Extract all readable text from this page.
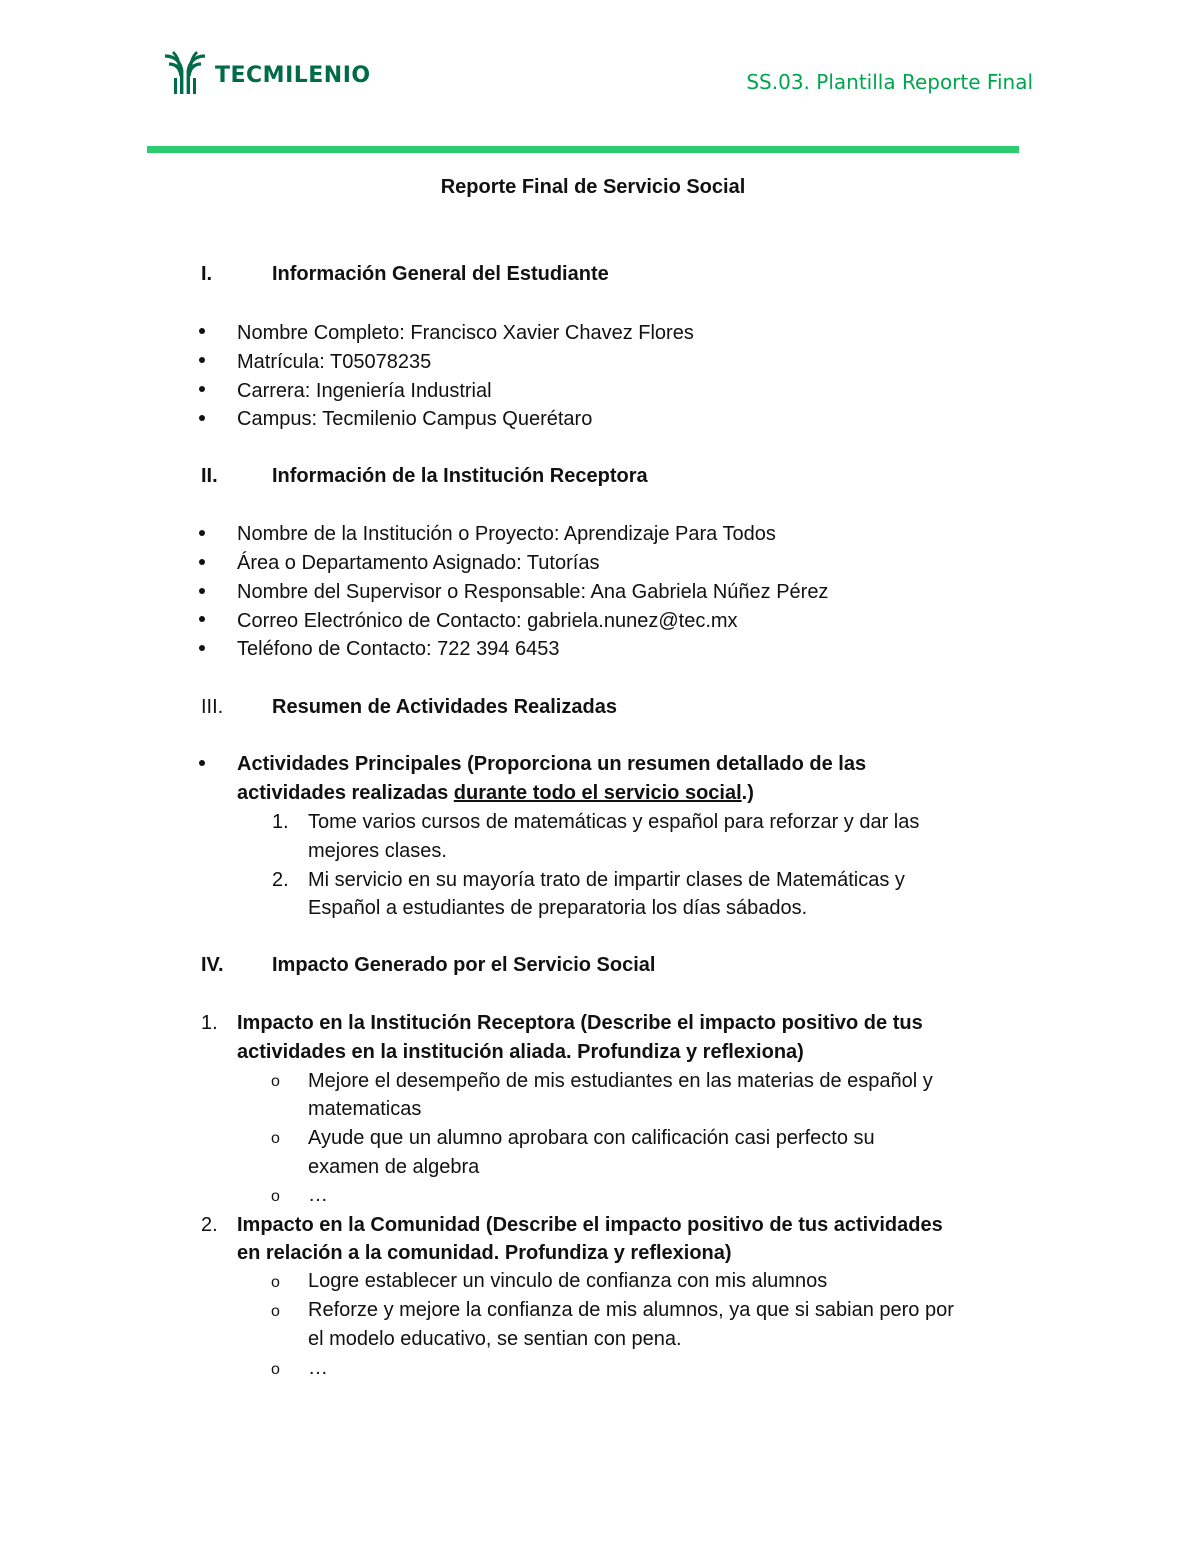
TECMILENIO	SS.03. Plantilla Reporte Final
Reporte Final de Servicio Social
I.	Información General del Estudiante
Nombre Completo: Francisco Xavier Chavez Flores
Matrícula: T05078235
Carrera: Ingeniería Industrial
Campus: Tecmilenio Campus Querétaro
II.	Información de la Institución Receptora
Nombre de la Institución o Proyecto: Aprendizaje Para Todos
Área o Departamento Asignado: Tutorías
Nombre del Supervisor o Responsable: Ana Gabriela Núñez Pérez
Correo Electrónico de Contacto: gabriela.nunez@tec.mx
Teléfono de Contacto: 722 394 6453
III.	Resumen de Actividades Realizadas
Actividades Principales (Proporciona un resumen detallado de las
actividades realizadas durante todo el servicio social.)
1. Tome varios cursos de matemáticas y español para reforzar y dar las
mejores clases.
2. Mi servicio en su mayoría trato de impartir clases de Matemáticas y
Español a estudiantes de preparatoria los días sábados.
IV.	Impacto Generado por el Servicio Social
1. Impacto en la Institución Receptora (Describe el impacto positivo de tus
actividades en la institución aliada. Profundiza y reflexiona)
o Mejore el desempeño de mis estudiantes en las materias de español y
matematicas
o Ayude que un alumno aprobara con calificación casi perfecto su
examen de algebra
o …
2. Impacto en la Comunidad (Describe el impacto positivo de tus actividades
en relación a la comunidad. Profundiza y reflexiona)
o Logre establecer un vinculo de confianza con mis alumnos
o Reforze y mejore la confianza de mis alumnos, ya que si sabian pero por
el modelo educativo, se sentian con pena.
o …
